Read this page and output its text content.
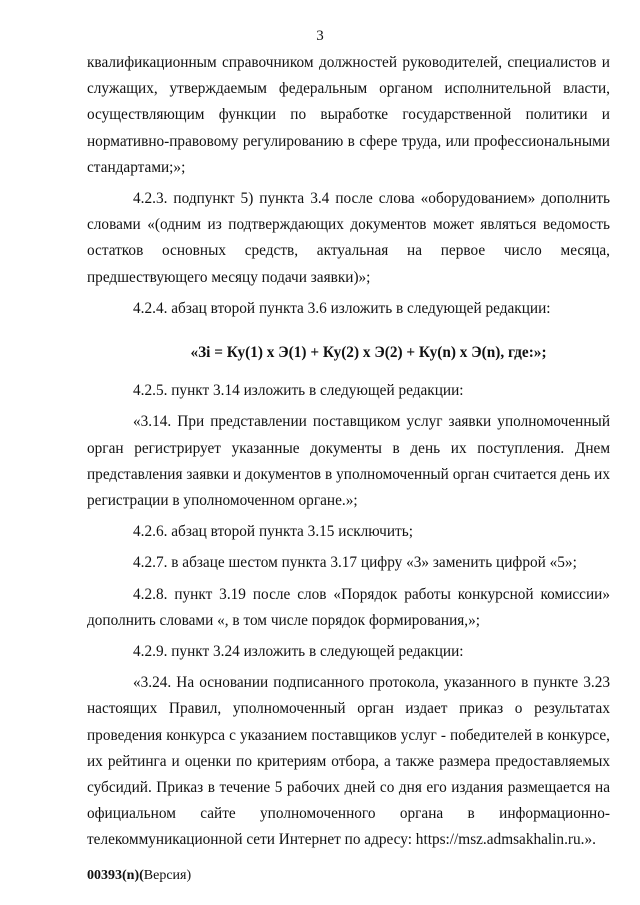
3

квалификационным справочником должностей руководителей, специалистов и служащих, утверждаемым федеральным органом исполнительной власти, осуществляющим функции по выработке государственной политики и нормативно-правовому регулированию в сфере труда, или профессиональными стандартами;»;

4.2.3. подпункт 5) пункта 3.4 после слова «оборудованием» дополнить словами «(одним из подтверждающих документов может являться ведомость остатков основных средств, актуальная на первое число месяца, предшествующего месяцу подачи заявки)»;

4.2.4. абзац второй пункта 3.6 изложить в следующей редакции:

«Зi = Ку(1) х Э(1) + Ку(2) х Э(2) + Ку(n) х Э(n), где:»;

4.2.5. пункт 3.14 изложить в следующей редакции:

«3.14. При представлении поставщиком услуг заявки уполномоченный орган регистрирует указанные документы в день их поступления. Днем представления заявки и документов в уполномоченный орган считается день их регистрации в уполномоченном органе.»;

4.2.6. абзац второй пункта 3.15 исключить;

4.2.7. в абзаце шестом пункта 3.17 цифру «3» заменить цифрой «5»;

4.2.8. пункт 3.19 после слов «Порядок работы конкурсной комиссии» дополнить словами «, в том числе порядок формирования,»;

4.2.9. пункт 3.24 изложить в следующей редакции:

«3.24. На основании подписанного протокола, указанного в пункте 3.23 настоящих Правил, уполномоченный орган издает приказ о результатах проведения конкурса с указанием поставщиков услуг - победителей в конкурсе, их рейтинга и оценки по критериям отбора, а также размера предоставляемых субсидий. Приказ в течение 5 рабочих дней со дня его издания размещается на официальном сайте уполномоченного органа в информационно-телекоммуникационной сети Интернет по адресу: https://msz.admsakhalin.ru.».

00393(n)(Версия)
